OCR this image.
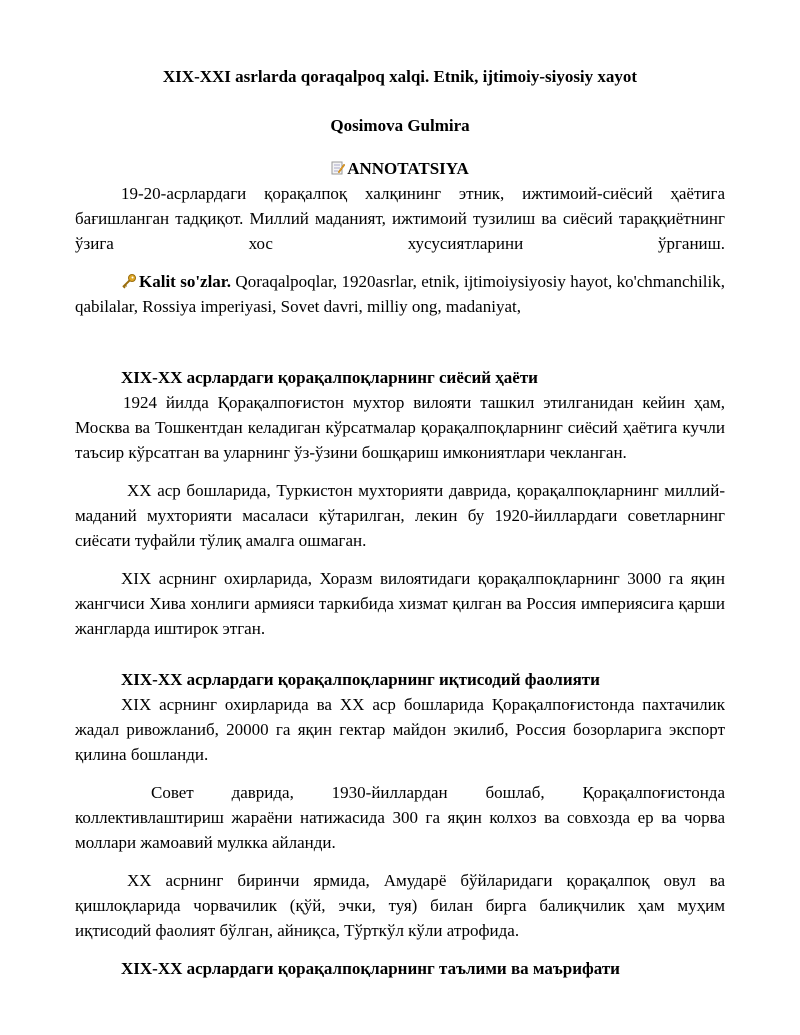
XIX-XXI asrlarda qoraqalpoq xalqi. Etnik, ijtimoiy-siyosiy xayot
Qosimova Gulmira
ANNOTATSIYA

19-20-асрлардаги қорақалпоқ халқининг этник, ижтимоий-сиёсий ҳаётига бағишланган тадқиқот. Миллий маданият, ижтимоий тузилиш ва сиёсий тараққиётнинг ўзига хос хусусиятларини ўрганиш.

Kalit so'zlar. Qoraqalpoqlar, 1920asrlar, etnik, ijtimoiysiyosiy hayot, ko'chmanchilik, qabilalar, Rossiya imperiyasi, Sovet davri, milliy ong, madaniyat,

XIX-XX асрлардаги қорақалпоқларнинг сиёсий ҳаёти

1924 йилда Қорақалпоғистон мухтор вилояти ташкил этилганидан кейин ҳам, Москва ва Тошкентдан келадиган кўрсатмалар қорақалпоқларнинг сиёсий ҳаётига кучли таъсир кўрсатган ва уларнинг ўз-ўзини бошқариш имкониятлари чекланган.

XX аср бошларида, Туркистон мухторияти даврида, қорақалпоқларнинг миллий-маданий мухторияти масаласи кўтарилган, лекин бу 1920-йиллардаги советларнинг сиёсати туфайли тўлиқ амалга ошмаган.

XIX асрнинг охирларида, Хоразм вилоятидаги қорақалпоқларнинг 3000 га яқин жангчиси Хива хонлиги армияси таркибида хизмат қилган ва Россия империясига қарши жангларда иштирок этган.

XIX-XX асрлардаги қорақалпоқларнинг иқтисодий фаолияти

XIX асрнинг охирларида ва XX аср бошларида Қорақалпоғистонда пахтачилик жадал ривожланиб, 20000 га яқин гектар майдон экилиб, Россия бозорларига экспорт қилина бошланди.

Совет даврида, 1930-йиллардан бошлаб, Қорақалпоғистонда коллективлаштириш жараёни натижасида 300 га яқин колхоз ва совхозда ер ва чорва моллари жамоавий мулкка айланди.

XX асрнинг биринчи ярмида, Амударё бўйларидаги қорақалпоқ овул ва қишлоқларида чорвачилик (қўй, эчки, туя) билан бирга балиқчилик ҳам муҳим иқтисодий фаолият бўлган, айниқса, Тўрткўл кўли атрофида.

XIX-XX асрлардаги қорақалпоқларнинг таълими ва маърифати
